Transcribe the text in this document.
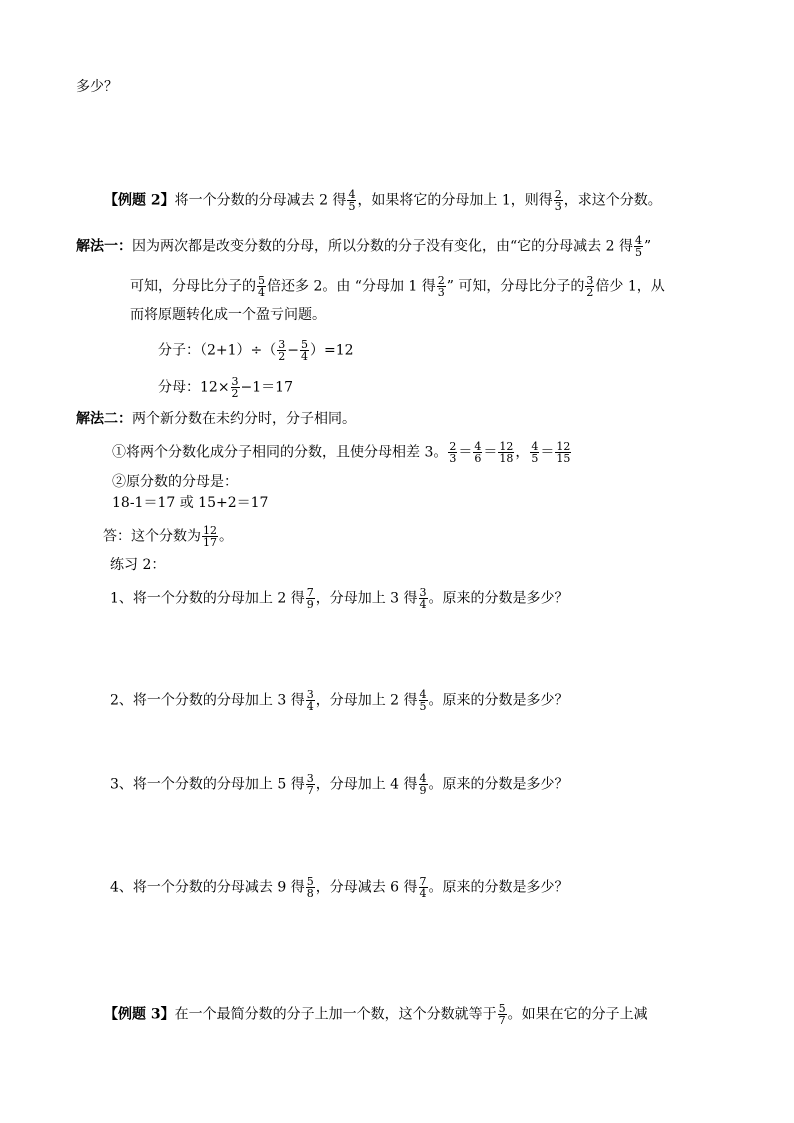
多少？
【例题 2】将一个分数的分母减去 2 得 $\frac{4}{5}$ ，如果将它的分母加上 1，则得 $\frac{2}{3}$ ，求这个分数。
解法一：因为两次都是改变分数的分母，所以分数的分子没有变化，由“它的分母减去 2 得 $\frac{4}{5}$ ”
可知，分母比分子的 $\frac{5}{4}$ 倍还多 2。由 “分母加 1 得 $\frac{2}{3}$ ” 可知，分母比分子的 $\frac{3}{2}$ 倍少 1，从
而将原题转化成一个盈亏问题。
分子：$(2+1)\div( \frac{3}{2} - \frac{5}{4} )=12$
分母：$12\times \frac{3}{2} -1=17$
解法二：两个新分数在未约分时，分子相同。
①将两个分数化成分子相同的分数，且使分母相差 3。 $\frac{2}{3} = \frac{4}{6} = \frac{12}{18}$ ， $\frac{4}{5} = \frac{12}{15}$
②原分数的分母是：
18-1＝17 或 15+2＝17
答：这个分数为 $\frac{12}{17}$ 。
练习 2：
1、将一个分数的分母加上 2 得 $\frac{7}{9}$ ，分母加上 3 得 $\frac{3}{4}$ 。原来的分数是多少？
2、将一个分数的分母加上 3 得 $\frac{3}{4}$ ，分母加上 2 得 $\frac{4}{5}$ 。原来的分数是多少？
3、将一个分数的分母加上 5 得 $\frac{3}{7}$ ，分母加上 4 得 $\frac{4}{9}$ 。原来的分数是多少？
4、将一个分数的分母减去 9 得 $\frac{5}{8}$ ，分母减去 6 得 $\frac{7}{4}$ 。原来的分数是多少？
【例题 3】在一个最简分数的分子上加一个数，这个分数就等于 $\frac{5}{7}$ 。如果在它的分子上减
